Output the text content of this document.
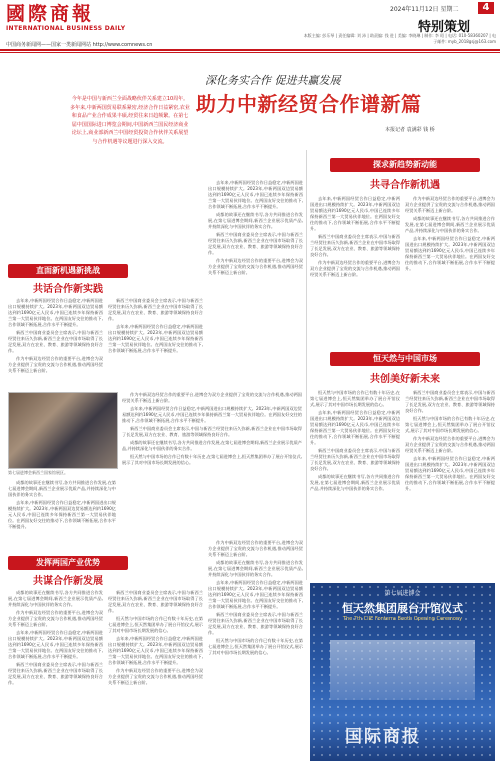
國際商報
INTERNATIONAL BUSINESS DAILY
2024年11月12日 星期二	4
特别策划
本版主编: 彭乐琴 | 责任编辑: 刘 沛 | 助责编: 钱 进 | 美编: 李晓琳 | 制作: 李 昭 | 电话: 010-58360207 | 电子邮件: myb_2018gsj@163.com
中国商务新闻网——国家一类新闻网站 http://www.comnews.cn
深化务实合作 促进共赢发展
助力中新经贸合作谱新篇
本报记者 袁满彩 钱 桥

今年是中国与新西兰全面战略伙伴关系建立10周年。多年来,中新两国贸易联系紧密,经济合作日益紧密,农业和食品产业合作成果丰硕,经贸往来日趋频繁。在第七届中国国际进口博览会期间,中国新西兰国民经济商业论坛上,商业部新西兰中国经贸投资合作伙伴关系展望与合作机遇等议题进行深入交流。

直面新机遇新挑战
共话合作新实践

去年来,中新两国经贸合作日益稳定,中新两国进出口规模持续扩大。2023年,中新两国双边贸易额达到约1690亿元人民币,中国已连续多年保持新西兰第一大贸易伙伴地位。在两国友好交往的推动下,合作领域不断拓展,合作水平不断提升。

新西兰中国商业委员会主席表示,中国与新西兰经贸往来历久弥新,新西兰企业在中国市场取得了长足发展,双方在农业、教育、旅游等领域保持良好合作。

作为中新双边经贸合作的重要平台,进博会为双方企业提供了宝贵的交流与合作机遇,推动两国经贸关系不断迈上新台阶。

新西兰中国商业委员会主席表示,中国与新西兰经贸往来历久弥新,新西兰企业在中国市场取得了长足发展,双方在农业、教育、旅游等领域保持良好合作。

去年来,中新两国经贸合作日益稳定,中新两国进出口规模持续扩大。2023年,中新两国双边贸易额达到约1690亿元人民币,中国已连续多年保持新西兰第一大贸易伙伴地位。在两国友好交往的推动下,合作领域不断拓展,合作水平不断提升。

去年来,中新两国经贸合作日益稳定,中新两国进出口规模持续扩大。2023年,中新两国双边贸易额达到约1690亿元人民币,中国已连续多年保持新西兰第一大贸易伙伴地位。在两国友好交往的推动下,合作领域不断拓展,合作水平不断提升。

成都的故事还在继续书写,各方共同推进合作发展,在第七届进博会期间,新西兰企业展示优质产品,并持续深化与中国伙伴的务实合作。

新西兰中国商业委员会主席表示,中国与新西兰经贸往来历久弥新,新西兰企业在中国市场取得了长足发展,双方在农业、教育、旅游等领域保持良好合作。

作为中新双边经贸合作的重要平台,进博会为双方企业提供了宝贵的交流与合作机遇,推动两国经贸关系不断迈上新台阶。

第七届进博会新西兰国家馆展区。

作为中新双边经贸合作的重要平台,进博会为双方企业提供了宝贵的交流与合作机遇,推动两国经贸关系不断迈上新台阶。

去年来,中新两国经贸合作日益稳定,中新两国进出口规模持续扩大。2023年,中新两国双边贸易额达到约1690亿元人民币,中国已连续多年保持新西兰第一大贸易伙伴地位。在两国友好交往的推动下,合作领域不断拓展,合作水平不断提升。

新西兰中国商业委员会主席表示,中国与新西兰经贸往来历久弥新,新西兰企业在中国市场取得了长足发展,双方在农业、教育、旅游等领域保持良好合作。

成都的故事还在继续书写,各方共同推进合作发展,在第七届进博会期间,新西兰企业展示优质产品,并持续深化与中国伙伴的务实合作。

恒天然与中国市场的合作已有数十年历史,在第七届进博会上,恒天然集团举办了展台开馆仪式,展示了其对中国市场长期发展的信心。

成都的故事还在继续书写,各方共同推进合作发展,在第七届进博会期间,新西兰企业展示优质产品,并持续深化与中国伙伴的务实合作。

去年来,中新两国经贸合作日益稳定,中新两国进出口规模持续扩大。2023年,中新两国双边贸易额达到约1690亿元人民币,中国已连续多年保持新西兰第一大贸易伙伴地位。在两国友好交往的推动下,合作领域不断拓展,合作水平不断提升。

发挥两国产业优势
共谋合作新发展

成都的故事还在继续书写,各方共同推进合作发展,在第七届进博会期间,新西兰企业展示优质产品,并持续深化与中国伙伴的务实合作。

作为中新双边经贸合作的重要平台,进博会为双方企业提供了宝贵的交流与合作机遇,推动两国经贸关系不断迈上新台阶。

去年来,中新两国经贸合作日益稳定,中新两国进出口规模持续扩大。2023年,中新两国双边贸易额达到约1690亿元人民币,中国已连续多年保持新西兰第一大贸易伙伴地位。在两国友好交往的推动下,合作领域不断拓展,合作水平不断提升。

新西兰中国商业委员会主席表示,中国与新西兰经贸往来历久弥新,新西兰企业在中国市场取得了长足发展,双方在农业、教育、旅游等领域保持良好合作。

新西兰中国商业委员会主席表示,中国与新西兰经贸往来历久弥新,新西兰企业在中国市场取得了长足发展,双方在农业、教育、旅游等领域保持良好合作。

恒天然与中国市场的合作已有数十年历史,在第七届进博会上,恒天然集团举办了展台开馆仪式,展示了其对中国市场长期发展的信心。

去年来,中新两国经贸合作日益稳定,中新两国进出口规模持续扩大。2023年,中新两国双边贸易额达到约1690亿元人民币,中国已连续多年保持新西兰第一大贸易伙伴地位。在两国友好交往的推动下,合作领域不断拓展,合作水平不断提升。

作为中新双边经贸合作的重要平台,进博会为双方企业提供了宝贵的交流与合作机遇,推动两国经贸关系不断迈上新台阶。

作为中新双边经贸合作的重要平台,进博会为双方企业提供了宝贵的交流与合作机遇,推动两国经贸关系不断迈上新台阶。

成都的故事还在继续书写,各方共同推进合作发展,在第七届进博会期间,新西兰企业展示优质产品,并持续深化与中国伙伴的务实合作。

去年来,中新两国经贸合作日益稳定,中新两国进出口规模持续扩大。2023年,中新两国双边贸易额达到约1690亿元人民币,中国已连续多年保持新西兰第一大贸易伙伴地位。在两国友好交往的推动下,合作领域不断拓展,合作水平不断提升。

新西兰中国商业委员会主席表示,中国与新西兰经贸往来历久弥新,新西兰企业在中国市场取得了长足发展,双方在农业、教育、旅游等领域保持良好合作。

恒天然与中国市场的合作已有数十年历史,在第七届进博会上,恒天然集团举办了展台开馆仪式,展示了其对中国市场长期发展的信心。

探求新趋势新动能
共寻合作新机遇

去年来,中新两国经贸合作日益稳定,中新两国进出口规模持续扩大。2023年,中新两国双边贸易额达到约1690亿元人民币,中国已连续多年保持新西兰第一大贸易伙伴地位。在两国友好交往的推动下,合作领域不断拓展,合作水平不断提升。

新西兰中国商业委员会主席表示,中国与新西兰经贸往来历久弥新,新西兰企业在中国市场取得了长足发展,双方在农业、教育、旅游等领域保持良好合作。

作为中新双边经贸合作的重要平台,进博会为双方企业提供了宝贵的交流与合作机遇,推动两国经贸关系不断迈上新台阶。

作为中新双边经贸合作的重要平台,进博会为双方企业提供了宝贵的交流与合作机遇,推动两国经贸关系不断迈上新台阶。

成都的故事还在继续书写,各方共同推进合作发展,在第七届进博会期间,新西兰企业展示优质产品,并持续深化与中国伙伴的务实合作。

去年来,中新两国经贸合作日益稳定,中新两国进出口规模持续扩大。2023年,中新两国双边贸易额达到约1690亿元人民币,中国已连续多年保持新西兰第一大贸易伙伴地位。在两国友好交往的推动下,合作领域不断拓展,合作水平不断提升。

恒天然与中国市场
共创美好新未来

恒天然与中国市场的合作已有数十年历史,在第七届进博会上,恒天然集团举办了展台开馆仪式,展示了其对中国市场长期发展的信心。

去年来,中新两国经贸合作日益稳定,中新两国进出口规模持续扩大。2023年,中新两国双边贸易额达到约1690亿元人民币,中国已连续多年保持新西兰第一大贸易伙伴地位。在两国友好交往的推动下,合作领域不断拓展,合作水平不断提升。

新西兰中国商业委员会主席表示,中国与新西兰经贸往来历久弥新,新西兰企业在中国市场取得了长足发展,双方在农业、教育、旅游等领域保持良好合作。

成都的故事还在继续书写,各方共同推进合作发展,在第七届进博会期间,新西兰企业展示优质产品,并持续深化与中国伙伴的务实合作。

新西兰中国商业委员会主席表示,中国与新西兰经贸往来历久弥新,新西兰企业在中国市场取得了长足发展,双方在农业、教育、旅游等领域保持良好合作。

恒天然与中国市场的合作已有数十年历史,在第七届进博会上,恒天然集团举办了展台开馆仪式,展示了其对中国市场长期发展的信心。

作为中新双边经贸合作的重要平台,进博会为双方企业提供了宝贵的交流与合作机遇,推动两国经贸关系不断迈上新台阶。

去年来,中新两国经贸合作日益稳定,中新两国进出口规模持续扩大。2023年,中新两国双边贸易额达到约1690亿元人民币,中国已连续多年保持新西兰第一大贸易伙伴地位。在两国友好交往的推动下,合作领域不断拓展,合作水平不断提升。

第七届进博会
恒天然集团展台开馆仪式
The 7th CIIE Fonterra Booth Opening Ceremony
国际商报
